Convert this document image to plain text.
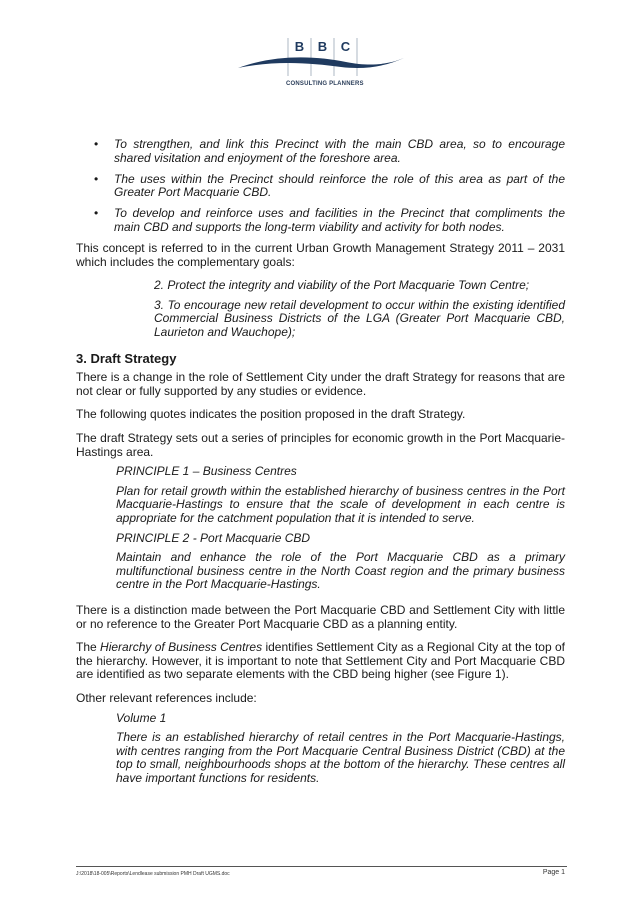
B B C
CONSULTING PLANNERS
• To strengthen, and link this Precinct with the main CBD area, so to encourage shared visitation and enjoyment of the foreshore area.
• The uses within the Precinct should reinforce the role of this area as part of the Greater Port Macquarie CBD.
• To develop and reinforce uses and facilities in the Precinct that compliments the main CBD and supports the long-term viability and activity for both nodes.

This concept is referred to in the current Urban Growth Management Strategy 2011 – 2031 which includes the complementary goals:

2. Protect the integrity and viability of the Port Macquarie Town Centre;

3. To encourage new retail development to occur within the existing identified Commercial Business Districts of the LGA (Greater Port Macquarie CBD, Laurieton and Wauchope);

3. Draft Strategy

There is a change in the role of Settlement City under the draft Strategy for reasons that are not clear or fully supported by any studies or evidence.

The following quotes indicates the position proposed in the draft Strategy.

The draft Strategy sets out a series of principles for economic growth in the Port Macquarie-Hastings area.

PRINCIPLE 1 – Business Centres

Plan for retail growth within the established hierarchy of business centres in the Port Macquarie-Hastings to ensure that the scale of development in each centre is appropriate for the catchment population that it is intended to serve.

PRINCIPLE 2 - Port Macquarie CBD

Maintain and enhance the role of the Port Macquarie CBD as a primary multifunctional business centre in the North Coast region and the primary business centre in the Port Macquarie-Hastings.

There is a distinction made between the Port Macquarie CBD and Settlement City with little or no reference to the Greater Port Macquarie CBD as a planning entity.

The Hierarchy of Business Centres identifies Settlement City as a Regional City at the top of the hierarchy. However, it is important to note that Settlement City and Port Macquarie CBD are identified as two separate elements with the CBD being higher (see Figure 1).

Other relevant references include:

Volume 1

There is an established hierarchy of retail centres in the Port Macquarie-Hastings, with centres ranging from the Port Macquarie Central Business District (CBD) at the top to small, neighbourhoods shops at the bottom of the hierarchy. These centres all have important functions for residents.

J:\2018\18-005\Reports\Lendlease submission PMH Draft UGMS.doc	Page 1
